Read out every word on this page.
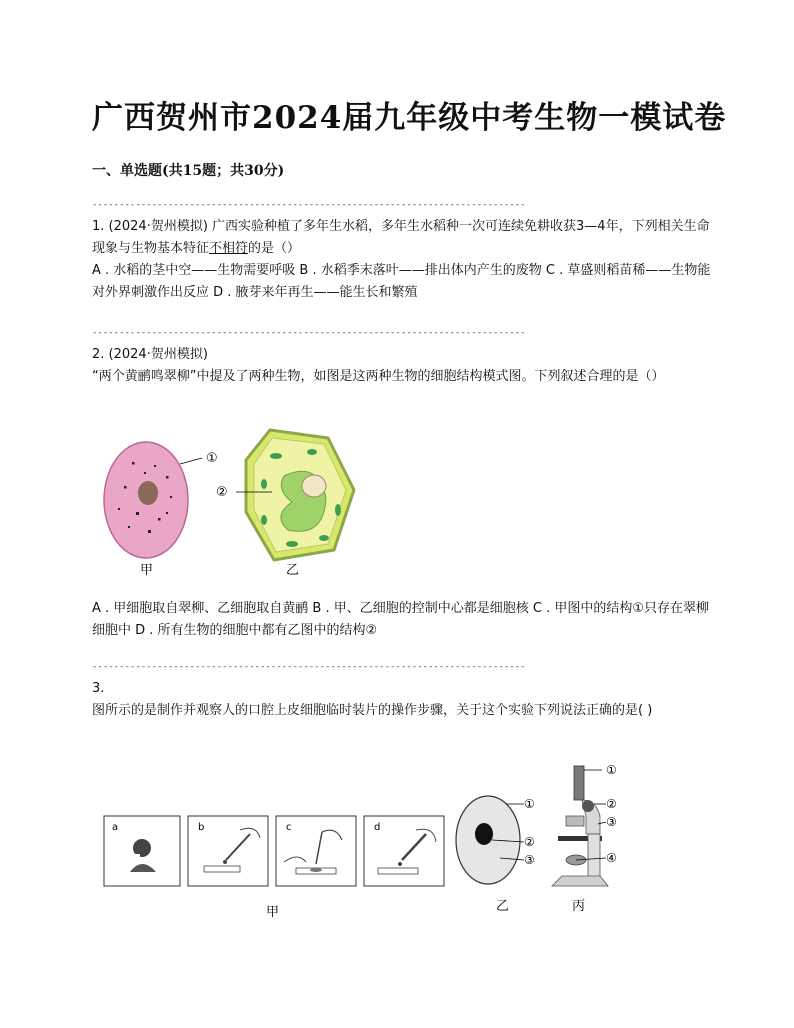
广西贺州市2024届九年级中考生物一模试卷
一、单选题(共15题；共30分)
--------------------------------------------------------------------------------

1. (2024·贺州模拟) 广西实验种植了多年生水稻，多年生水稻种一次可连续免耕收获3—4年，下列相关生命现象与生物基本特征不相符的是（）

A . 水稻的茎中空——生物需要呼吸 B . 水稻季末落叶——排出体内产生的废物 C . 草盛则稻苗稀——生物能对外界刺激作出反应 D . 腋芽来年再生——能生长和繁殖

--------------------------------------------------------------------------------

2. (2024·贺州模拟)

“两个黄鹂鸣翠柳”中提及了两种生物，如图是这两种生物的细胞结构模式图。下列叙述合理的是（）

①
②
甲	乙

A . 甲细胞取自翠柳、乙细胞取自黄鹂 B . 甲、乙细胞的控制中心都是细胞核 C . 甲图中的结构①只存在翠柳细胞中 D . 所有生物的细胞中都有乙图中的结构②

--------------------------------------------------------------------------------

3.

图所示的是制作并观察人的口腔上皮细胞临时装片的操作步骤，关于这个实验下列说法正确的是( )

a	b	c	d
①
②
③
①
②
③
④
甲	乙	丙
